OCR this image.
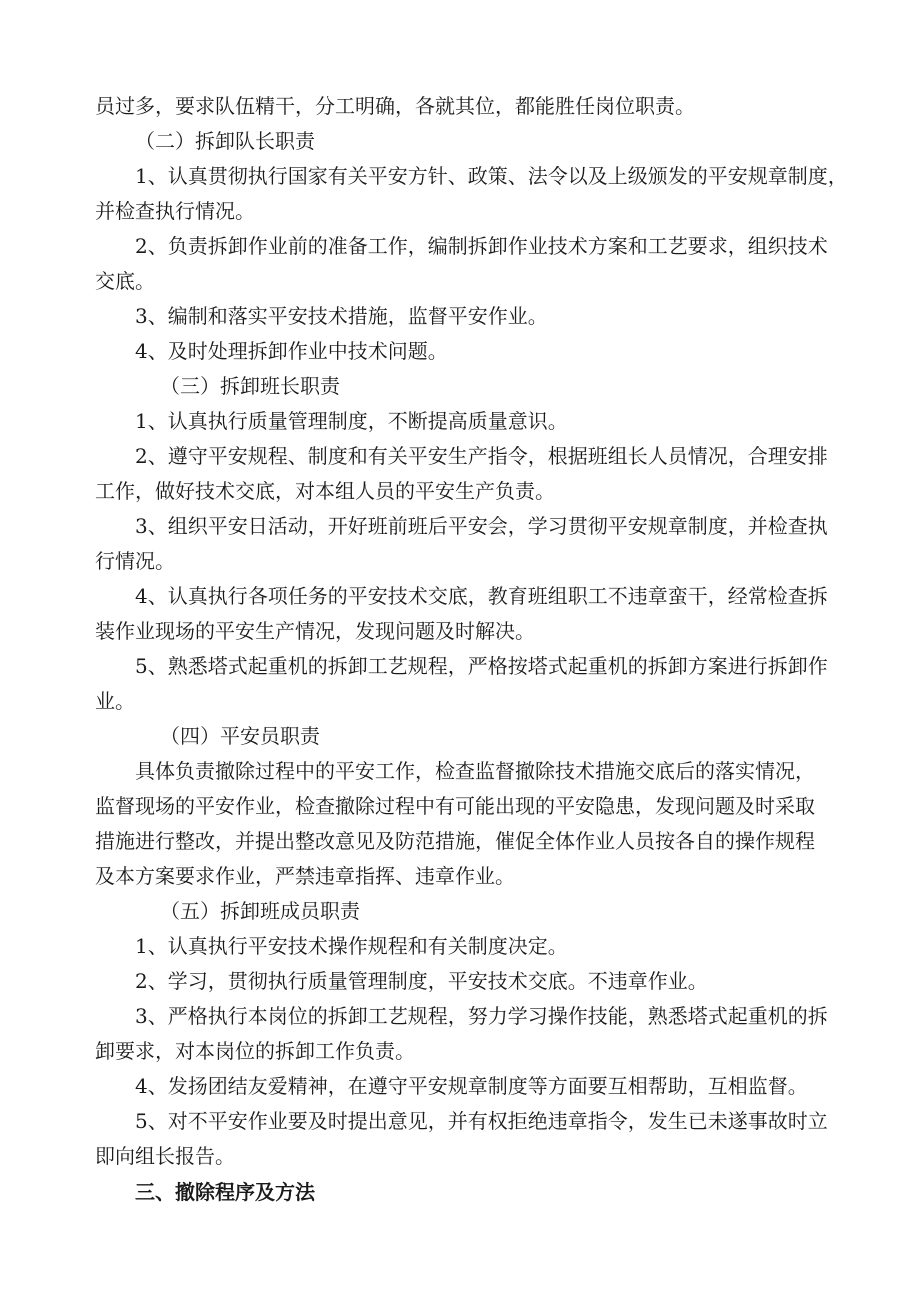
员过多，要求队伍精干，分工明确，各就其位，都能胜任岗位职责。
（二）拆卸队长职责
1、认真贯彻执行国家有关平安方针、政策、法令以及上级颁发的平安规章制度，
并检查执行情况。
2、负责拆卸作业前的准备工作，编制拆卸作业技术方案和工艺要求，组织技术
交底。
3、编制和落实平安技术措施，监督平安作业。
4、及时处理拆卸作业中技术问题。
（三）拆卸班长职责
1、认真执行质量管理制度，不断提高质量意识。
2、遵守平安规程、制度和有关平安生产指令，根据班组长人员情况，合理安排
工作，做好技术交底，对本组人员的平安生产负责。
3、组织平安日活动，开好班前班后平安会，学习贯彻平安规章制度，并检查执
行情况。
4、认真执行各项任务的平安技术交底，教育班组职工不违章蛮干，经常检查拆
装作业现场的平安生产情况，发现问题及时解决。
5、熟悉塔式起重机的拆卸工艺规程，严格按塔式起重机的拆卸方案进行拆卸作
业。
（四）平安员职责
具体负责撤除过程中的平安工作，检查监督撤除技术措施交底后的落实情况，
监督现场的平安作业，检查撤除过程中有可能出现的平安隐患，发现问题及时采取
措施进行整改，并提出整改意见及防范措施，催促全体作业人员按各自的操作规程
及本方案要求作业，严禁违章指挥、违章作业。
（五）拆卸班成员职责
1、认真执行平安技术操作规程和有关制度决定。
2、学习，贯彻执行质量管理制度，平安技术交底。不违章作业。
3、严格执行本岗位的拆卸工艺规程，努力学习操作技能，熟悉塔式起重机的拆
卸要求，对本岗位的拆卸工作负责。
4、发扬团结友爱精神，在遵守平安规章制度等方面要互相帮助，互相监督。
5、对不平安作业要及时提出意见，并有权拒绝违章指令，发生已未遂事故时立
即向组长报告。
三、撤除程序及方法
